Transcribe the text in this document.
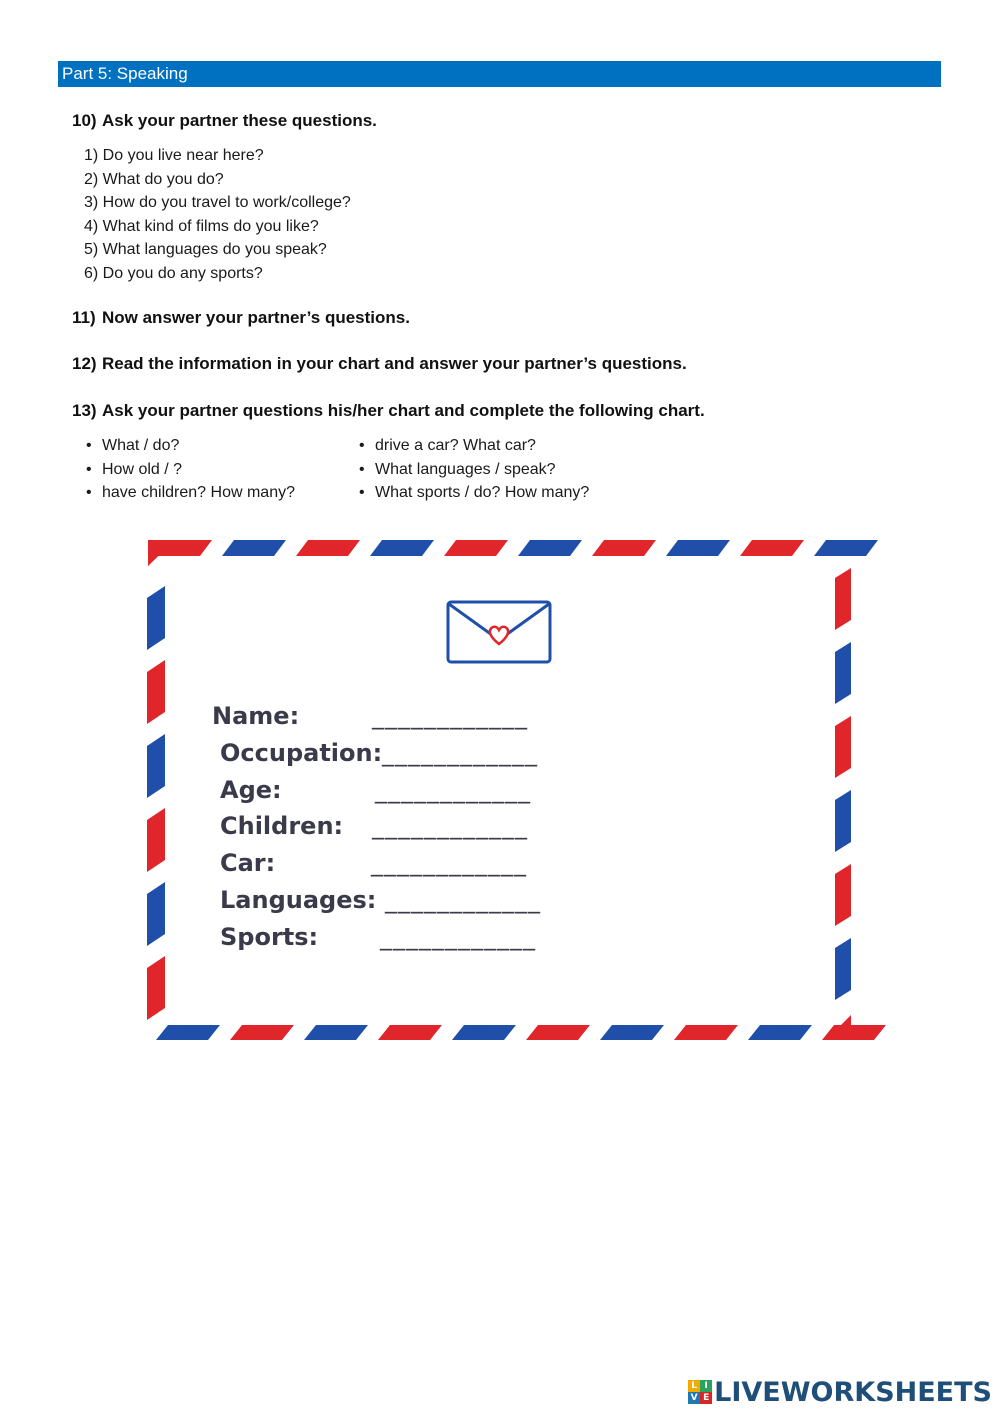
Part 5: Speaking
10) Ask your partner these questions.
1) Do you live near here?
2) What do you do?
3) How do you travel to work/college?
4) What kind of films do you like?
5) What languages do you speak?
6) Do you do any sports?
11) Now answer your partner’s questions.
12) Read the information in your chart and answer your partner’s questions.
13) Ask your partner questions his/her chart and complete the following chart.
• What / do?
• How old / ?
• have children? How many?
• drive a car? What car?
• What languages / speak?
• What sports / do? How many?
Name:	____________
Occupation: ____________
Age:	____________
Children: ____________
Car:	____________
Languages: ____________
Sports:	____________
L I
V E LIVEWORKSHEETS
